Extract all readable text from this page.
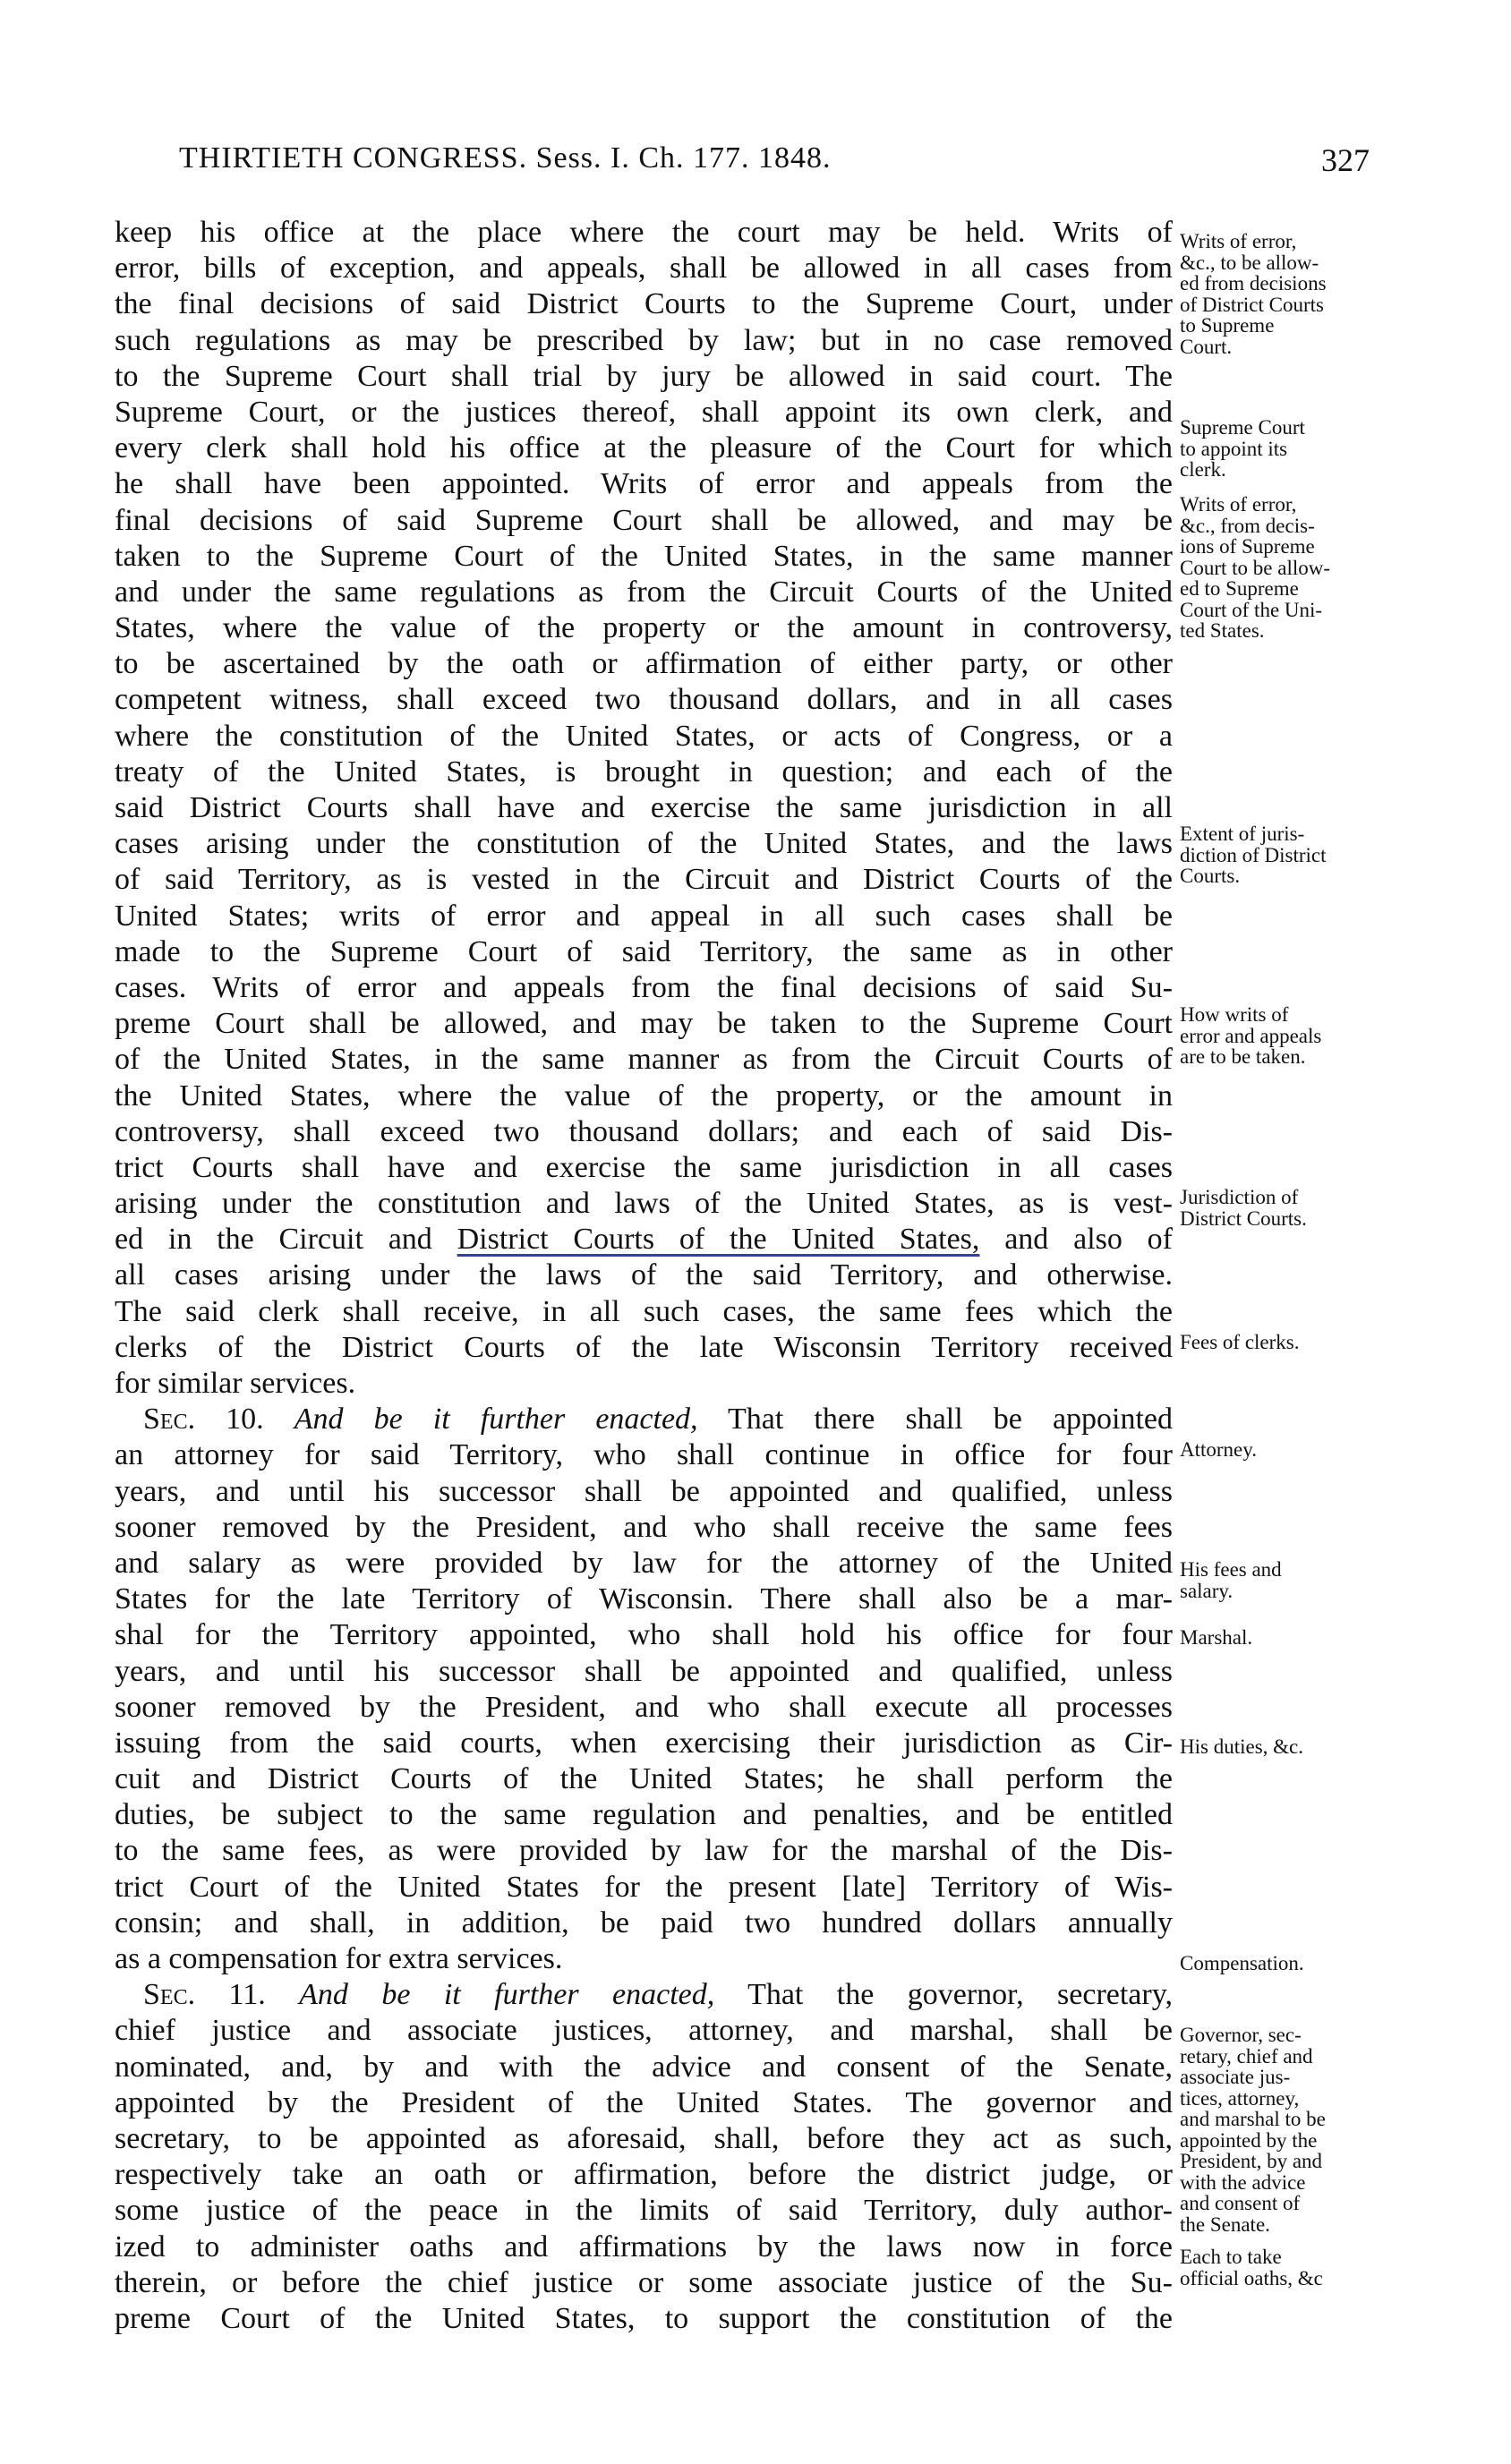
THIRTIETH CONGRESS. Sess. I. Ch. 177. 1848.	327
keep his office at the place where the court may be held. Writs of
error, bills of exception, and appeals, shall be allowed in all cases from
the final decisions of said District Courts to the Supreme Court, under
such regulations as may be prescribed by law; but in no case removed
to the Supreme Court shall trial by jury be allowed in said court. The
Supreme Court, or the justices thereof, shall appoint its own clerk, and
every clerk shall hold his office at the pleasure of the Court for which
he shall have been appointed. Writs of error and appeals from the
final decisions of said Supreme Court shall be allowed, and may be
taken to the Supreme Court of the United States, in the same manner
and under the same regulations as from the Circuit Courts of the United
States, where the value of the property or the amount in controversy,
to be ascertained by the oath or affirmation of either party, or other
competent witness, shall exceed two thousand dollars, and in all cases
where the constitution of the United States, or acts of Congress, or a
treaty of the United States, is brought in question; and each of the
said District Courts shall have and exercise the same jurisdiction in all
cases arising under the constitution of the United States, and the laws
of said Territory, as is vested in the Circuit and District Courts of the
United States; writs of error and appeal in all such cases shall be
made to the Supreme Court of said Territory, the same as in other
cases. Writs of error and appeals from the final decisions of said Su-
preme Court shall be allowed, and may be taken to the Supreme Court
of the United States, in the same manner as from the Circuit Courts of
the United States, where the value of the property, or the amount in
controversy, shall exceed two thousand dollars; and each of said Dis-
trict Courts shall have and exercise the same jurisdiction in all cases
arising under the constitution and laws of the United States, as is vest-
ed in the Circuit and District Courts of the United States, and also of
all cases arising under the laws of the said Territory, and otherwise.
The said clerk shall receive, in all such cases, the same fees which the
clerks of the District Courts of the late Wisconsin Territory received
for similar services.
Sec. 10. And be it further enacted, That there shall be appointed
an attorney for said Territory, who shall continue in office for four
years, and until his successor shall be appointed and qualified, unless
sooner removed by the President, and who shall receive the same fees
and salary as were provided by law for the attorney of the United
States for the late Territory of Wisconsin. There shall also be a mar-
shal for the Territory appointed, who shall hold his office for four
years, and until his successor shall be appointed and qualified, unless
sooner removed by the President, and who shall execute all processes
issuing from the said courts, when exercising their jurisdiction as Cir-
cuit and District Courts of the United States; he shall perform the
duties, be subject to the same regulation and penalties, and be entitled
to the same fees, as were provided by law for the marshal of the Dis-
trict Court of the United States for the present [late] Territory of Wis-
consin; and shall, in addition, be paid two hundred dollars annually
as a compensation for extra services.
Sec. 11. And be it further enacted, That the governor, secretary,
chief justice and associate justices, attorney, and marshal, shall be
nominated, and, by and with the advice and consent of the Senate,
appointed by the President of the United States. The governor and
secretary, to be appointed as aforesaid, shall, before they act as such,
respectively take an oath or affirmation, before the district judge, or
some justice of the peace in the limits of said Territory, duly author-
ized to administer oaths and affirmations by the laws now in force
therein, or before the chief justice or some associate justice of the Su-
preme Court of the United States, to support the constitution of the
Writs of error,
&c., to be allow-
ed from decisions
of District Courts
to Supreme
Court.
Supreme Court
to appoint its
clerk.
Writs of error,
&c., from decis-
ions of Supreme
Court to be allow-
ed to Supreme
Court of the Uni-
ted States.
Extent of juris-
diction of District
Courts.
How writs of
error and appeals
are to be taken.
Jurisdiction of
District Courts.
Fees of clerks.
Attorney.
His fees and
salary.
Marshal.
His duties, &c.
Compensation.
Governor, sec-
retary, chief and
associate jus-
tices, attorney,
and marshal to be
appointed by the
President, by and
with the advice
and consent of
the Senate.
Each to take
official oaths, &c
